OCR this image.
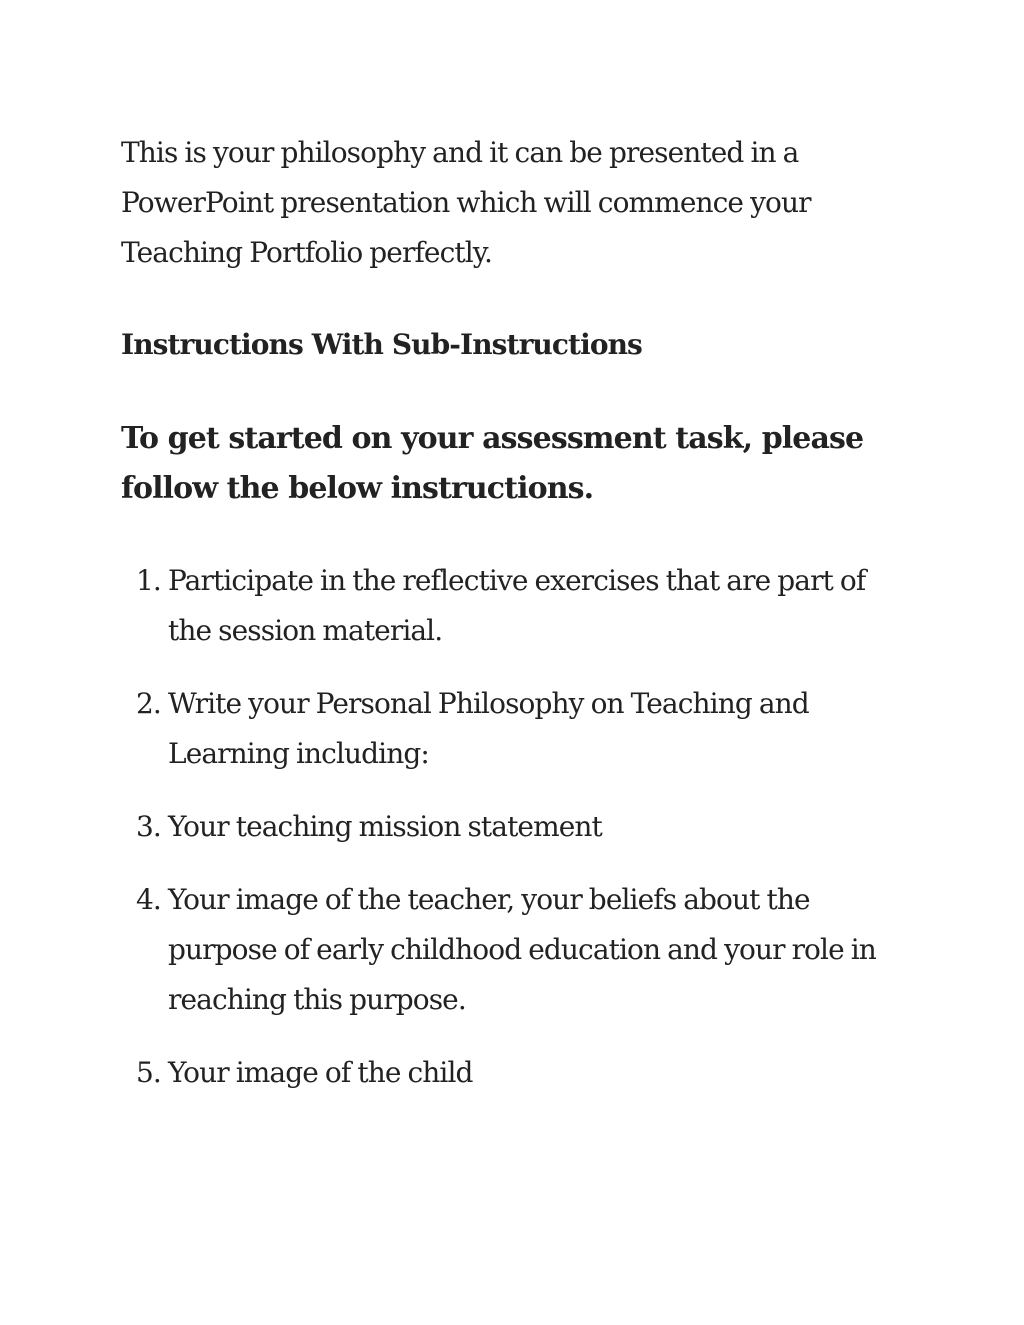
This is your philosophy and it can be presented in a PowerPoint presentation which will commence your Teaching Portfolio perfectly.

Instructions With Sub-Instructions
To get started on your assessment task, please follow the below instructions.
1. Participate in the reflective exercises that are part of the session material.
2. Write your Personal Philosophy on Teaching and Learning including:
3. Your teaching mission statement
4. Your image of the teacher, your beliefs about the purpose of early childhood education and your role in reaching this purpose.
5. Your image of the child
